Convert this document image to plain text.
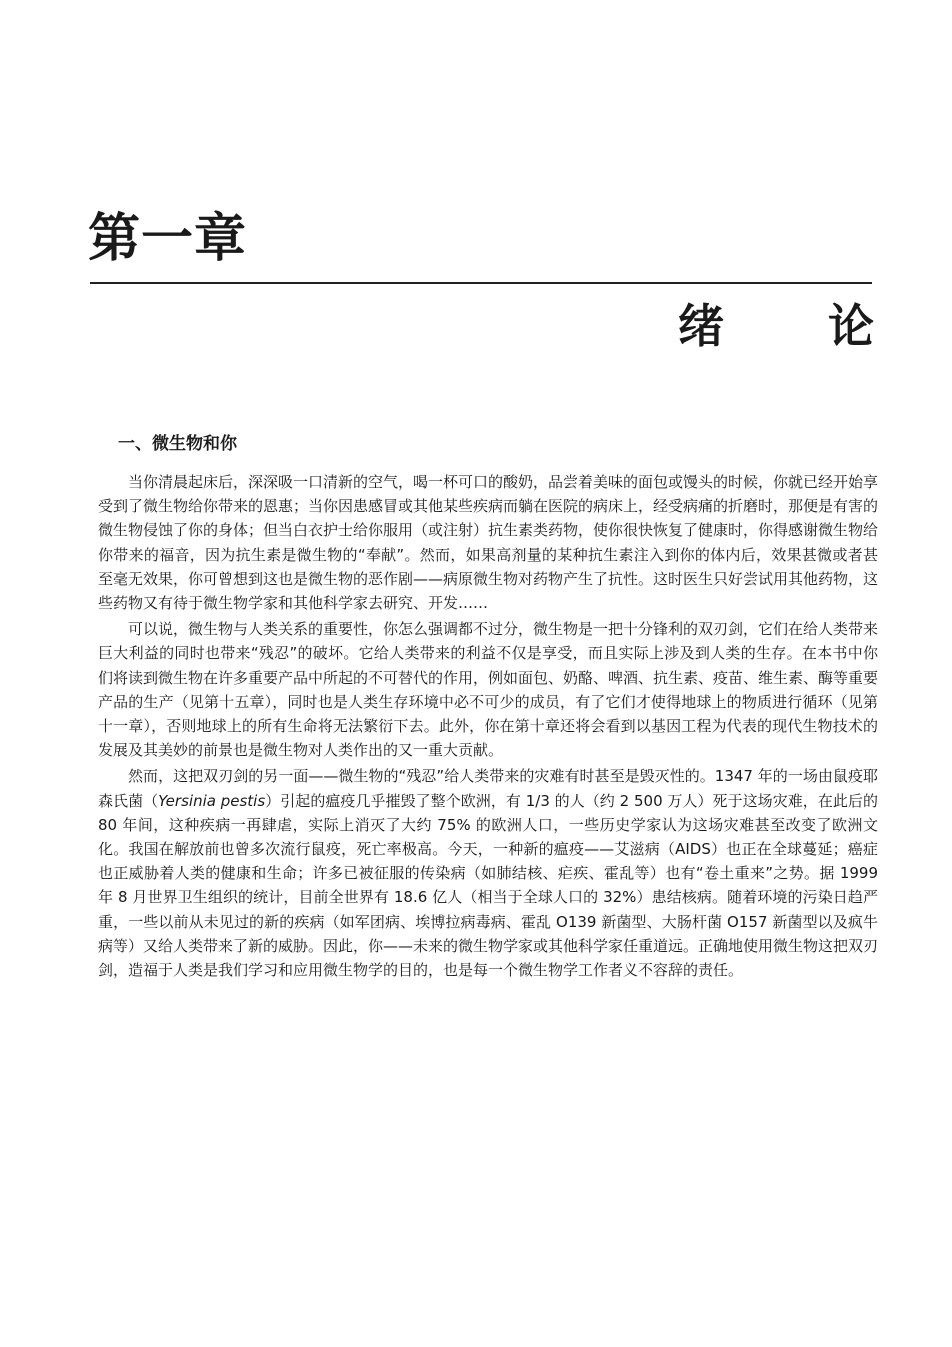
第一章
绪 论
一、微生物和你

当你清晨起床后，深深吸一口清新的空气，喝一杯可口的酸奶，品尝着美味的面包或馒头的时候，你就已经开始享受到了微生物给你带来的恩惠；当你因患感冒或其他某些疾病而躺在医院的病床上，经受病痛的折磨时，那便是有害的微生物侵蚀了你的身体；但当白衣护士给你服用（或注射）抗生素类药物，使你很快恢复了健康时，你得感谢微生物给你带来的福音，因为抗生素是微生物的“奉献”。然而，如果高剂量的某种抗生素注入到你的体内后，效果甚微或者甚至毫无效果，你可曾想到这也是微生物的恶作剧——病原微生物对药物产生了抗性。这时医生只好尝试用其他药物，这些药物又有待于微生物学家和其他科学家去研究、开发……

可以说，微生物与人类关系的重要性，你怎么强调都不过分，微生物是一把十分锋利的双刃剑，它们在给人类带来巨大利益的同时也带来“残忍”的破坏。它给人类带来的利益不仅是享受，而且实际上涉及到人类的生存。在本书中你们将读到微生物在许多重要产品中所起的不可替代的作用，例如面包、奶酪、啤酒、抗生素、疫苗、维生素、酶等重要产品的生产（见第十五章），同时也是人类生存环境中必不可少的成员，有了它们才使得地球上的物质进行循环（见第十一章），否则地球上的所有生命将无法繁衍下去。此外，你在第十章还将会看到以基因工程为代表的现代生物技术的发展及其美妙的前景也是微生物对人类作出的又一重大贡献。

然而，这把双刃剑的另一面——微生物的“残忍”给人类带来的灾难有时甚至是毁灭性的。1347 年的一场由鼠疫耶森氏菌（Yersinia pestis）引起的瘟疫几乎摧毁了整个欧洲，有 1/3 的人（约 2 500 万人）死于这场灾难，在此后的 80 年间，这种疾病一再肆虐，实际上消灭了大约 75% 的欧洲人口，一些历史学家认为这场灾难甚至改变了欧洲文化。我国在解放前也曾多次流行鼠疫，死亡率极高。今天，一种新的瘟疫——艾滋病（AIDS）也正在全球蔓延；癌症也正威胁着人类的健康和生命；许多已被征服的传染病（如肺结核、疟疾、霍乱等）也有“卷土重来”之势。据 1999 年 8 月世界卫生组织的统计，目前全世界有 18.6 亿人（相当于全球人口的 32%）患结核病。随着环境的污染日趋严重，一些以前从未见过的新的疾病（如军团病、埃博拉病毒病、霍乱 O139 新菌型、大肠杆菌 O157 新菌型以及疯牛病等）又给人类带来了新的威胁。因此，你——未来的微生物学家或其他科学家任重道远。正确地使用微生物这把双刃剑，造福于人类是我们学习和应用微生物学的目的，也是每一个微生物学工作者义不容辞的责任。
